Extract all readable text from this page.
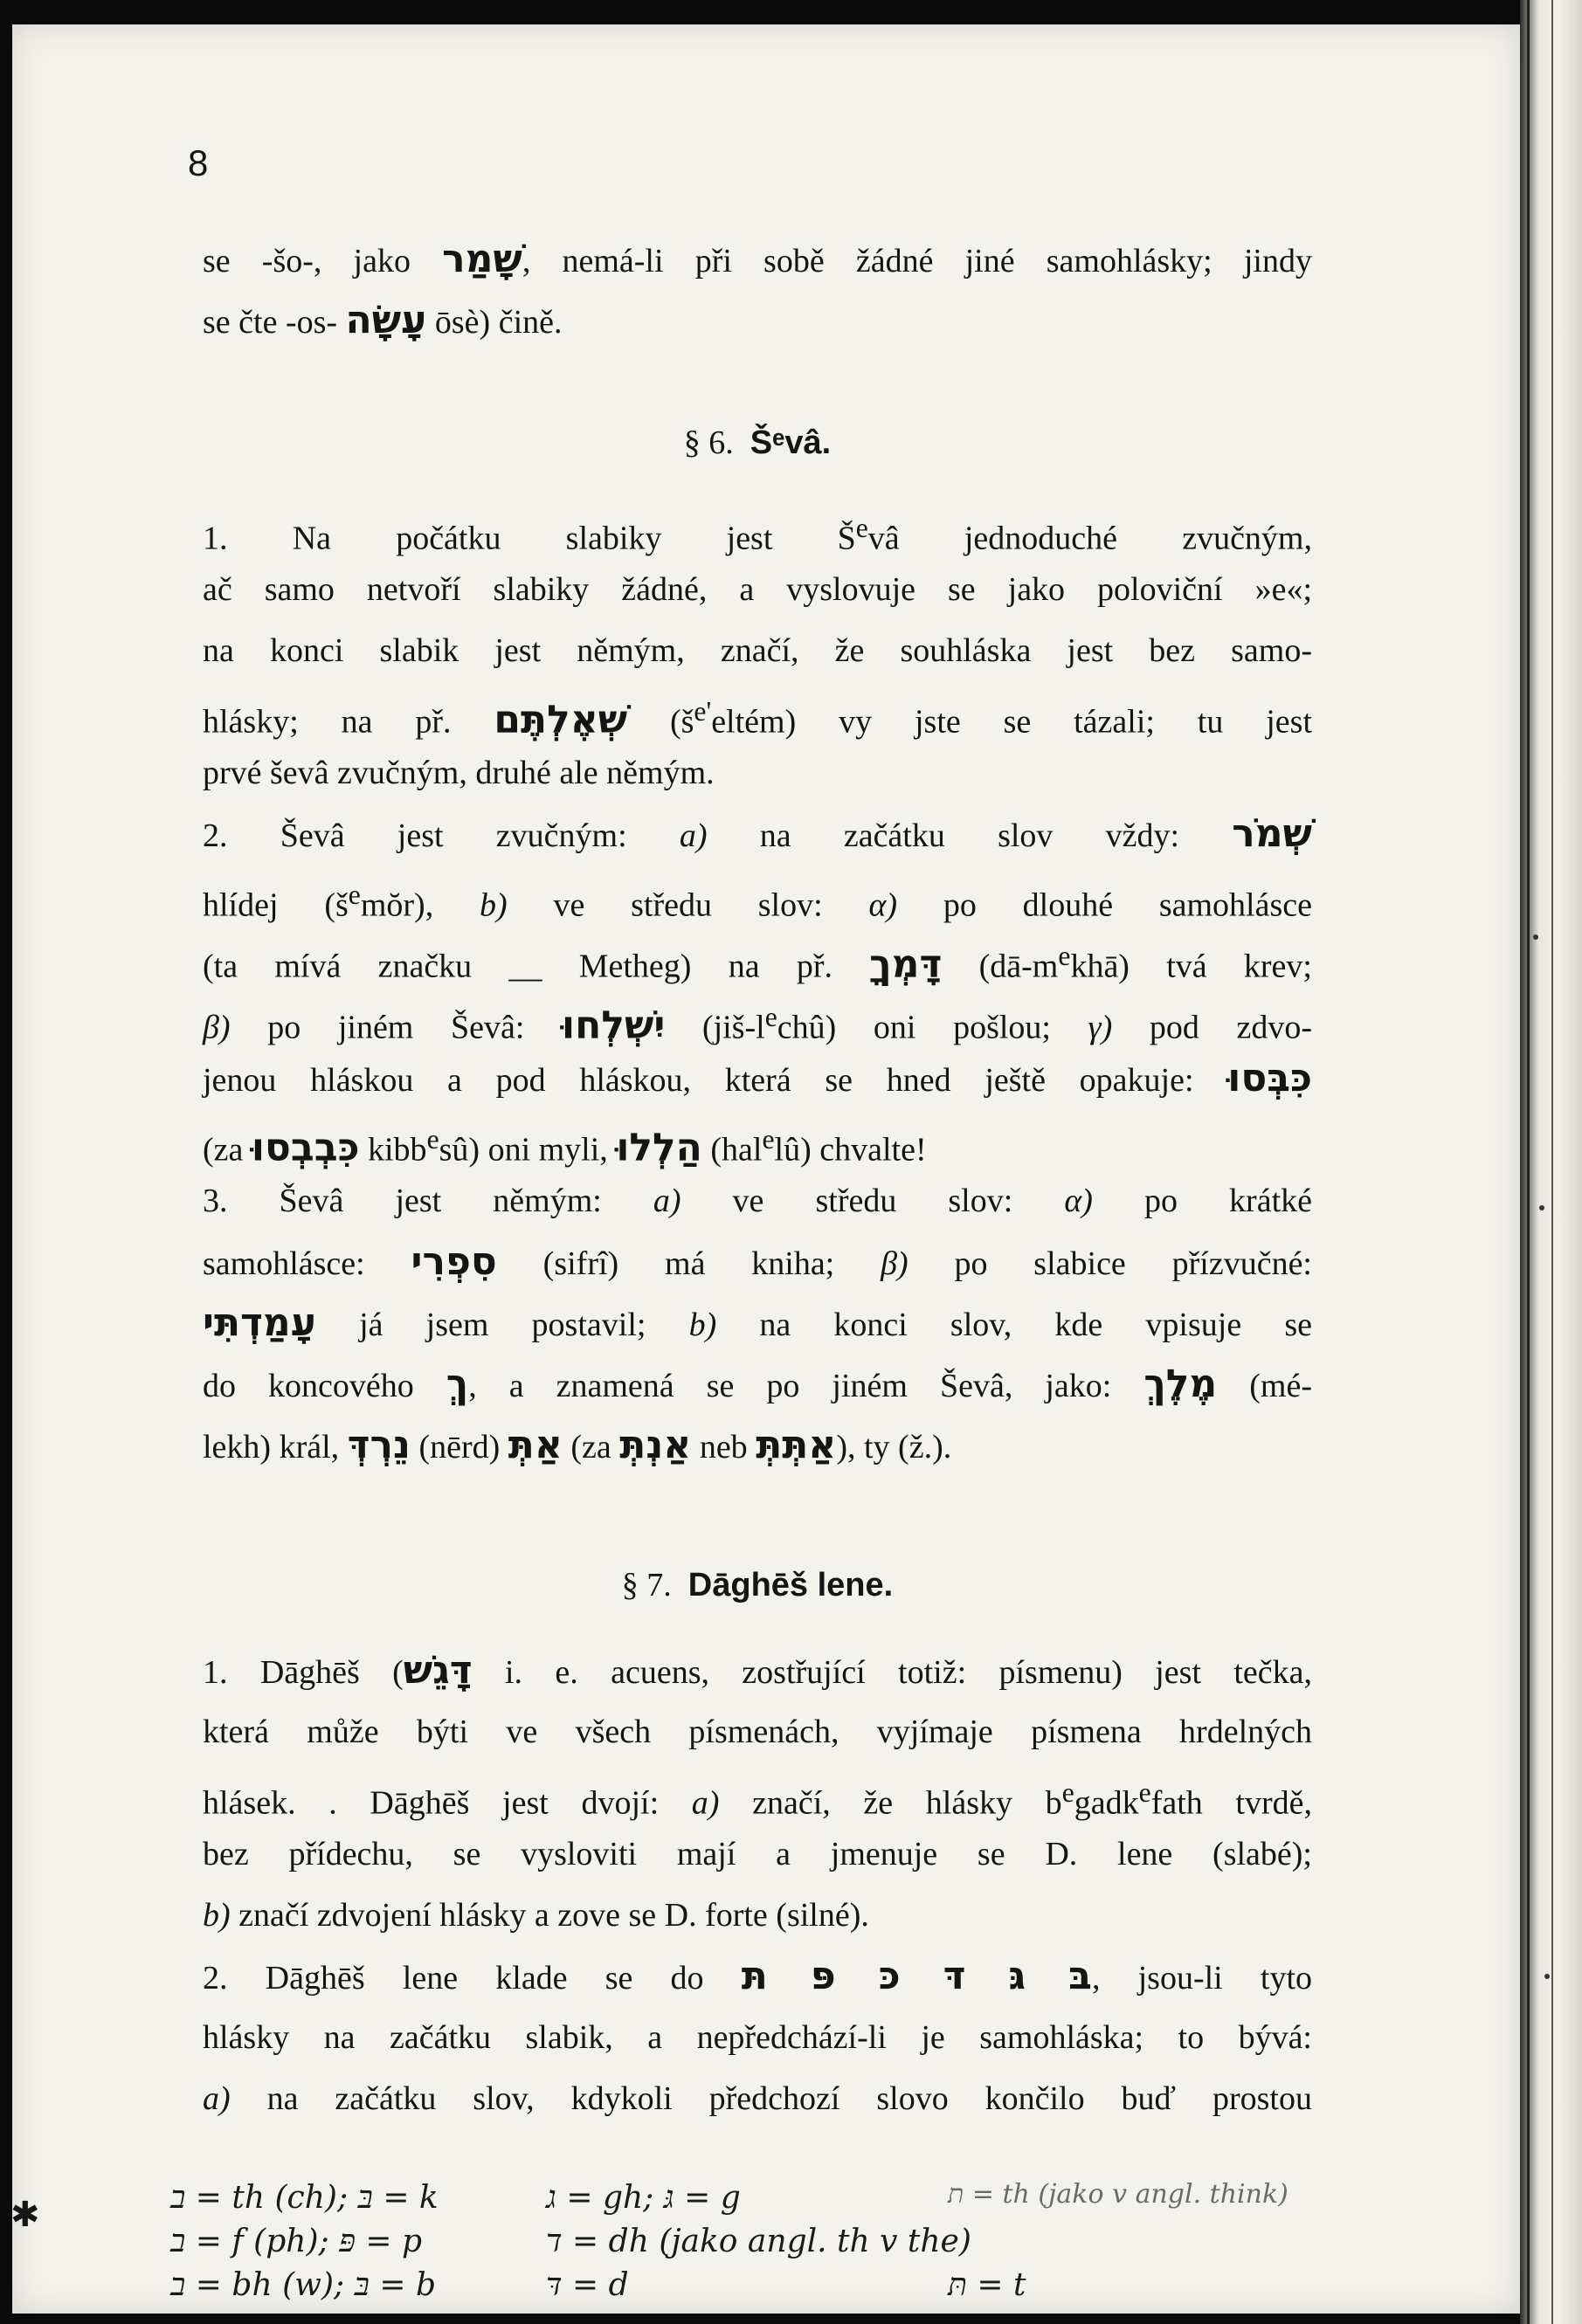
8
se -šo-, jako שָׁמַר, nemá-li při sobě žádné jiné samohlásky; jindy
se čte -os- עָשָׂה ōsè) čině.
§ 6. Šᵉvâ.
1. Na počátku slabiky jest $Š^evâ$ jednoduché zvučným,
ač samo netvoří slabiky žádné, a vyslovuje se jako poloviční »e«;
na konci slabik jest němým, značí, že souhláska jest bez samo-
hlásky; na př. שְׁאֶלְתֶּם $(š^{e'}eltém)$ vy jste se tázali; tu jest
prvé ševâ zvučným, druhé ale němým.
2. Ševâ jest zvučným: a) na začátku slov vždy: שְׁמֹר
hlídej $(š^emŏr)$, b) ve středu slov: α) po dlouhé samohlásce
(ta mívá značku __ Metheg) na př. דָּמְךָ $(dā-m^ekhā)$ tvá krev;
β) po jiném Ševâ: יִשְׁלְחוּ $(jiš-l^echû)$ oni pošlou; γ) pod zdvo-
jenou hláskou a pod hláskou, která se hned ještě opakuje: כִּבְּסוּ
(za כִּבְבְסוּ kibb$^e$sû) oni myli, הַלְלוּ (hal$^e$lû) chvalte!
3. Ševâ jest němým: a) ve středu slov: α) po krátké
samohlásce: סִפְרִי (sifrî) má kniha; β) po slabice přízvučné:
עָמַדְתִּי já jsem postavil; b) na konci slov, kde vpisuje se
do koncového ךְ, a znamená se po jiném Ševâ, jako: מֶלֶךְ (mé-
lekh) král, נֵרְדְּ (nērd) אַתְּ (za אַנְתְּ neb אַתְּתְּ), ty (ž.).
§ 7. Dāghēš lene.
1. Dāghēš (דָּגֵשׁ i. e. acuens, zostřující totiž: písmenu) jest tečka,
která může býti ve všech písmenách, vyjímaje písmena hrdelných
hlásek. . Dāghēš jest dvojí: a) značí, že hlásky $b^egadk^efath$ tvrdě,
bez přídechu, se vysloviti mají a jmenuje se D. lene (slabé);
b) značí zdvojení hlásky a zove se D. forte (silné).
2. Dāghēš lene klade se do בּ גּ דּ כּ פּ תּ, jsou-li tyto
hlásky na začátku slabik, a nepředchází-li je samohláska; to bývá:
a) na začátku slov, kdykoli předchozí slovo končilo buď prostou
✱	ב = th (ch); בּ = k
ב = f (ph); פּ = p
ב = bh (w); בּ = b
ג = gh; גּ = g
ד = dh (jako angl. th v the)
דּ = d
ת = th (jako v angl. think)
תּ = t
